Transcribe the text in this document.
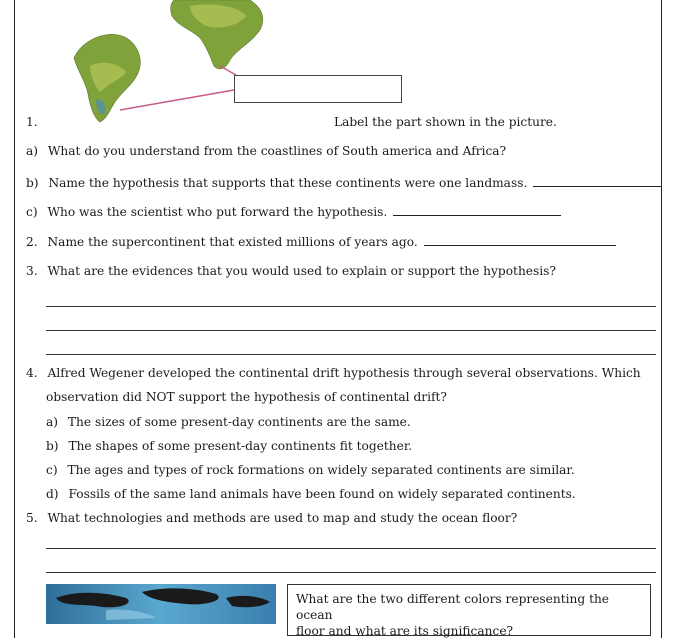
1.	Label the part shown in the picture.
a) What do you understand from the coastlines of South america and Africa?
b) Name the hypothesis that supports that these continents were one landmass.
c) Who was the scientist who put forward the hypothesis.
2. Name the supercontinent that existed millions of years ago.
3. What are the evidences that you would used to explain or support the hypothesis?
4. Alfred Wegener developed the continental drift hypothesis through several observations. Which
observation did NOT support the hypothesis of continental drift?
a) The sizes of some present-day continents are the same.
b) The shapes of some present-day continents fit together.
c) The ages and types of rock formations on widely separated continents are similar.
d) Fossils of the same land animals have been found on widely separated continents.
5. What technologies and methods are used to map and study the ocean floor?
What are the two different colors representing the ocean
floor and what are its significance?
